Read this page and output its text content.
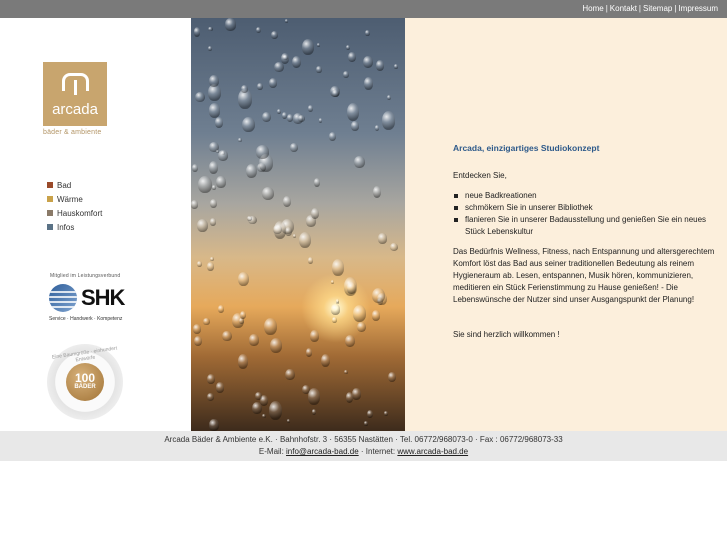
Home | Kontakt | Sitemap | Impressum
arcada
bäder & ambiente
Bad
Wärme
Hauskomfort
Infos
Mitglied im Leistungsverbund
SHK
Service · Handwerk · Kompetenz
Eine Baumgröße · einhundert Entwürfe
100
BÄDER
Arcada, einzigartiges Studiokonzept
Entdecken Sie,
neue Badkreationen
schmökern Sie in unserer Bibliothek
flanieren Sie in unserer Badausstellung und genießen Sie ein neues Stück Lebenskultur
Das Bedürfnis Wellness, Fitness, nach Entspannung und altersgerechtem Komfort löst das Bad aus seiner traditionellen Bedeutung als reinem Hygieneraum ab. Lesen, entspannen, Musik hören, kommunizieren, meditieren ein Stück Ferienstimmung zu Hause genießen! - Die Lebenswünsche der Nutzer sind unser Ausgangspunkt der Planung!
Sie sind herzlich willkommen !
Arcada Bäder & Ambiente e.K. · Bahnhofstr. 3 · 56355 Nastätten · Tel. 06772/968073-0 · Fax : 06772/968073-33
E-Mail: info@arcada-bad.de · Internet: www.arcada-bad.de
